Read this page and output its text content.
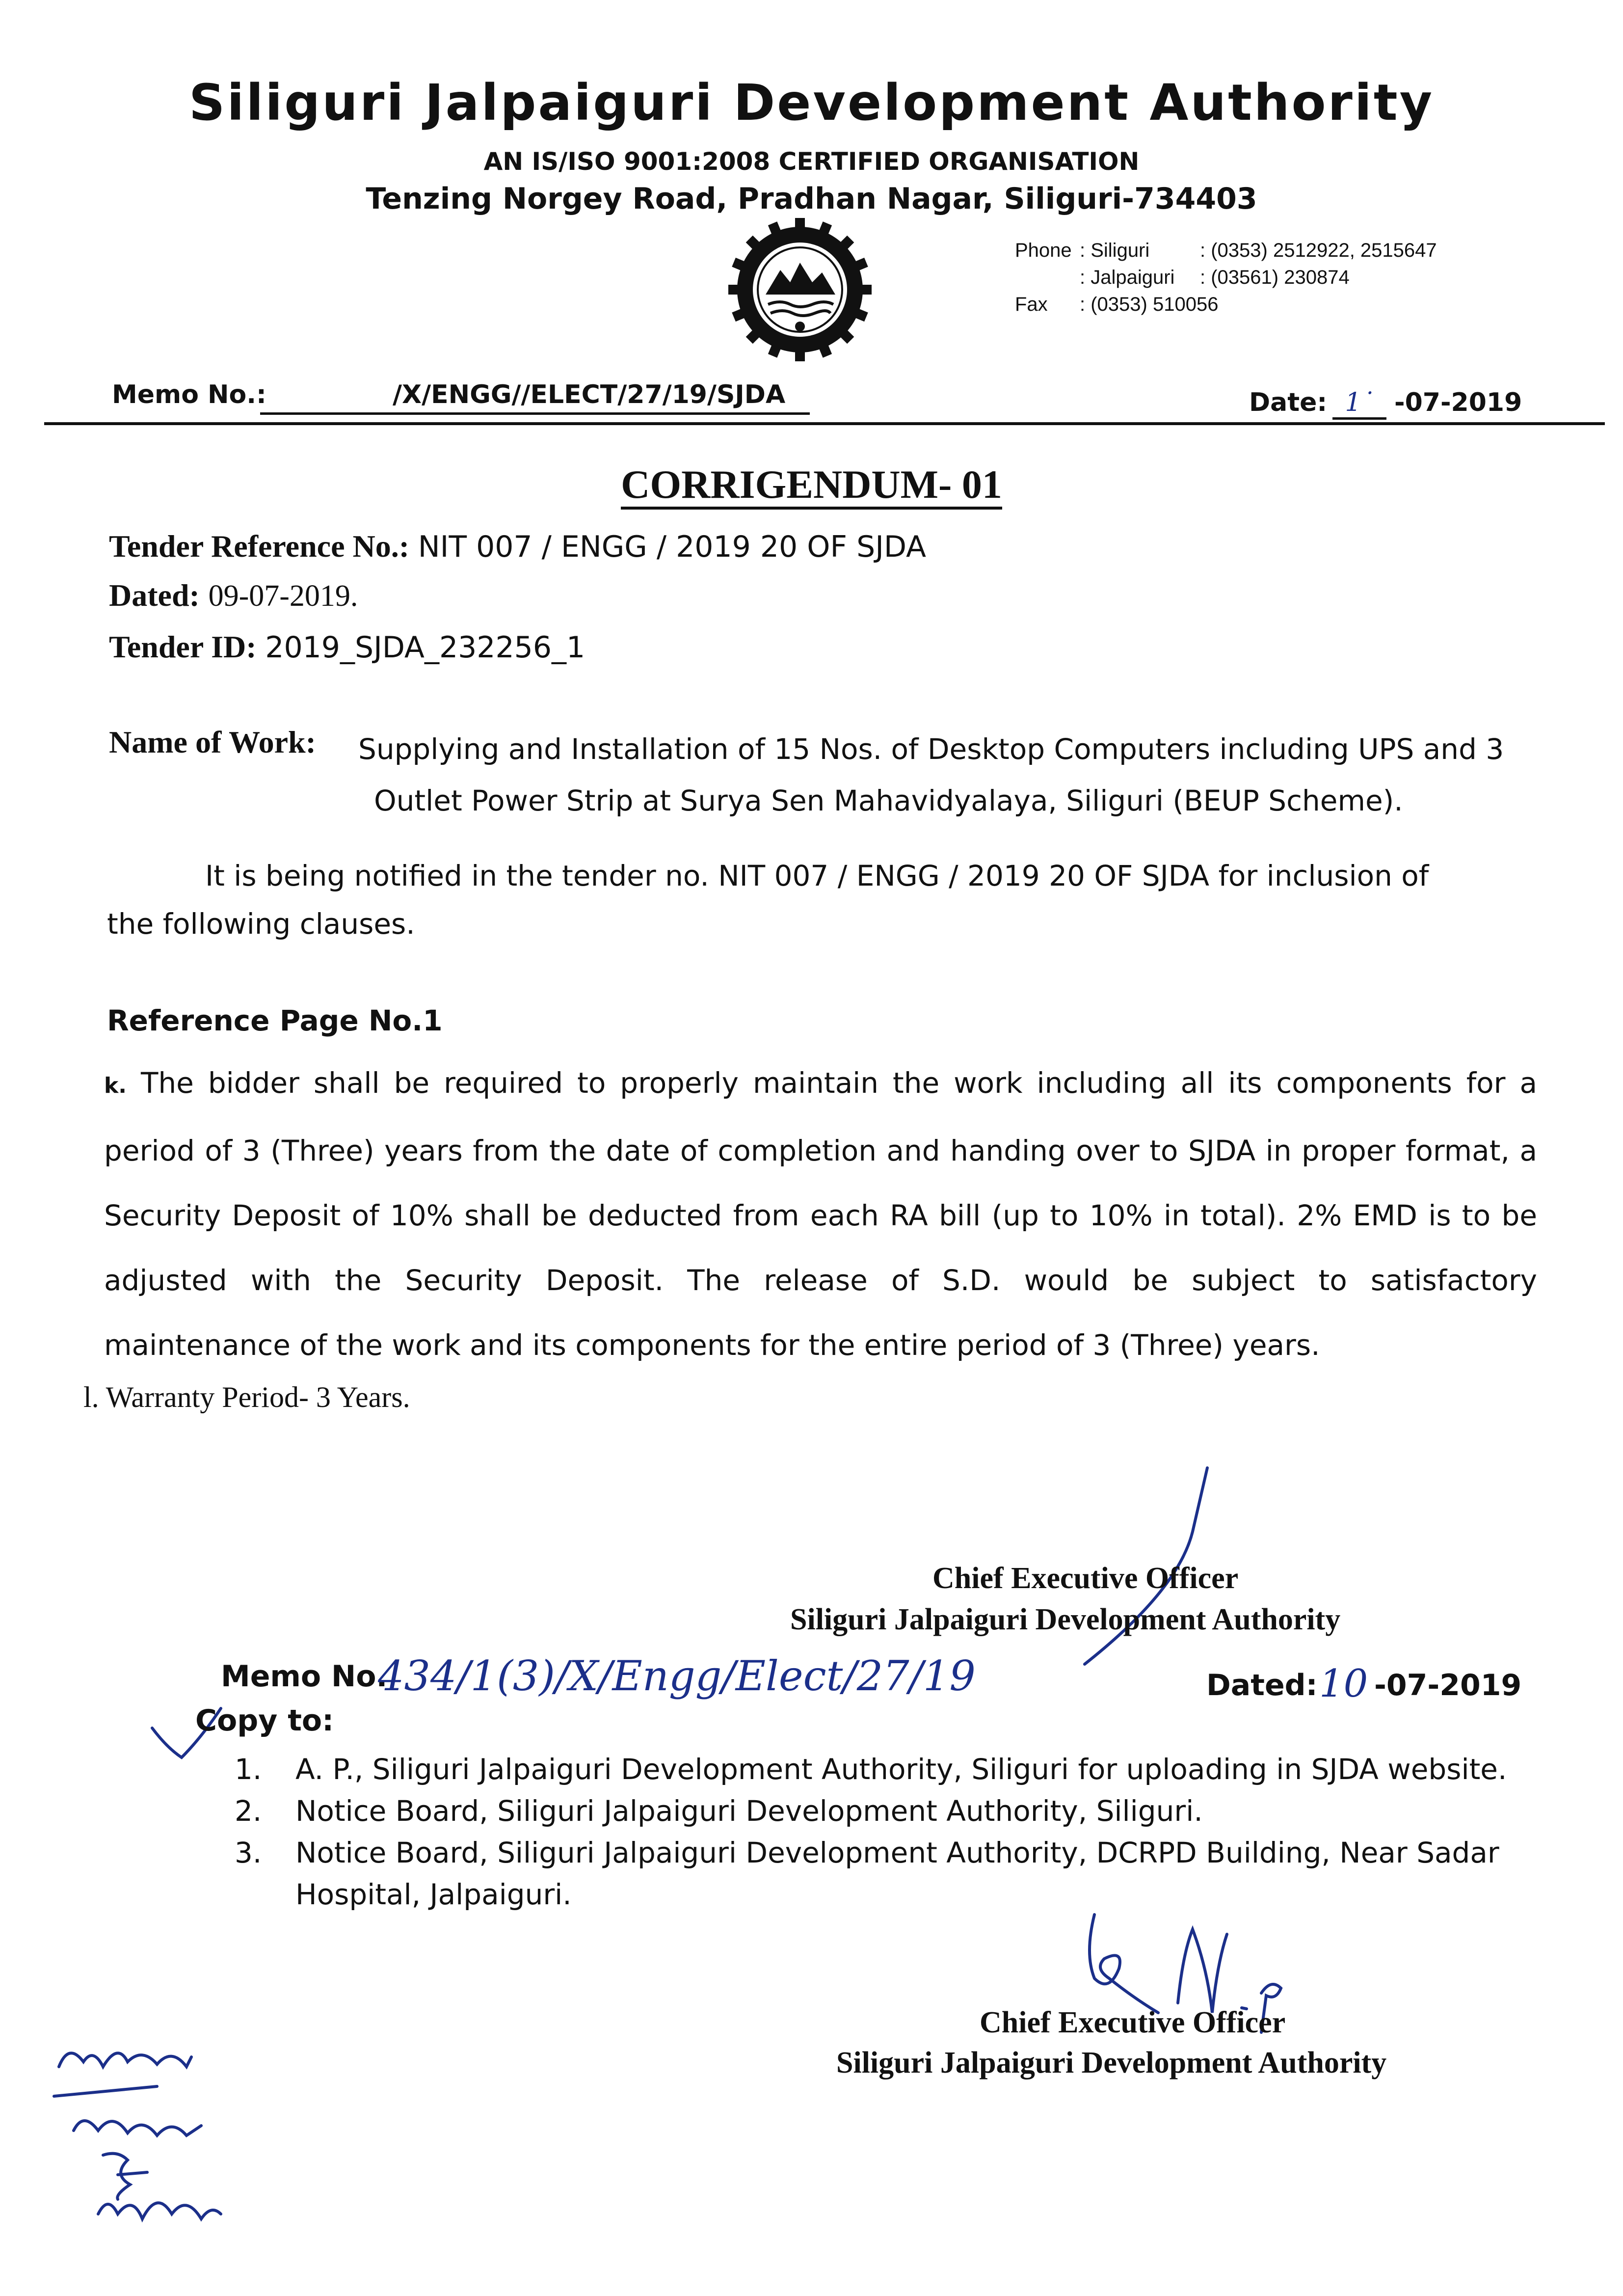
Siliguri Jalpaiguri Development Authority
AN IS/ISO 9001:2008 CERTIFIED ORGANISATION
Tenzing Norgey Road, Pradhan Nagar, Siliguri-734403
Phone : Siliguri	: (0353) 2512922, 2515647
: Jalpaiguri : (03561) 230874
Fax : (0353) 510056
Memo No.:	/X/ENGG//ELECT/27/19/SJDA	Date: 1˙ -07-2019
CORRIGENDUM- 01
Tender Reference No.: NIT 007 / ENGG / 2019 20 OF SJDA
Dated: 09-07-2019.
Tender ID: 2019_SJDA_232256_1
Name of Work: Supplying and Installation of 15 Nos. of Desktop Computers including UPS and 3
Outlet Power Strip at Surya Sen Mahavidyalaya, Siliguri (BEUP Scheme).
It is being notified in the tender no. NIT 007 / ENGG / 2019 20 OF SJDA for inclusion of
the following clauses.
Reference Page No.1
k. The bidder shall be required to properly maintain the work including all its components for a period of 3 (Three) years from the date of completion and handing over to SJDA in proper format, a Security Deposit of 10% shall be deducted from each RA bill (up to 10% in total). 2% EMD is to be adjusted with the Security Deposit. The release of S.D. would be subject to satisfactory maintenance of the work and its components for the entire period of 3 (Three) years.
l. Warranty Period- 3 Years.
Chief Executive Officer
Siliguri Jalpaiguri Development Authority
Memo No.
434/1(3)/X/Engg/Elect/27/19	Dated: 10 -07-2019
Copy to:
1. A. P., Siliguri Jalpaiguri Development Authority, Siliguri for uploading in SJDA website.
2. Notice Board, Siliguri Jalpaiguri Development Authority, Siliguri.
3. Notice Board, Siliguri Jalpaiguri Development Authority, DCRPD Building, Near Sadar
Hospital, Jalpaiguri.
Chief Executive Officer
Siliguri Jalpaiguri Development Authority
